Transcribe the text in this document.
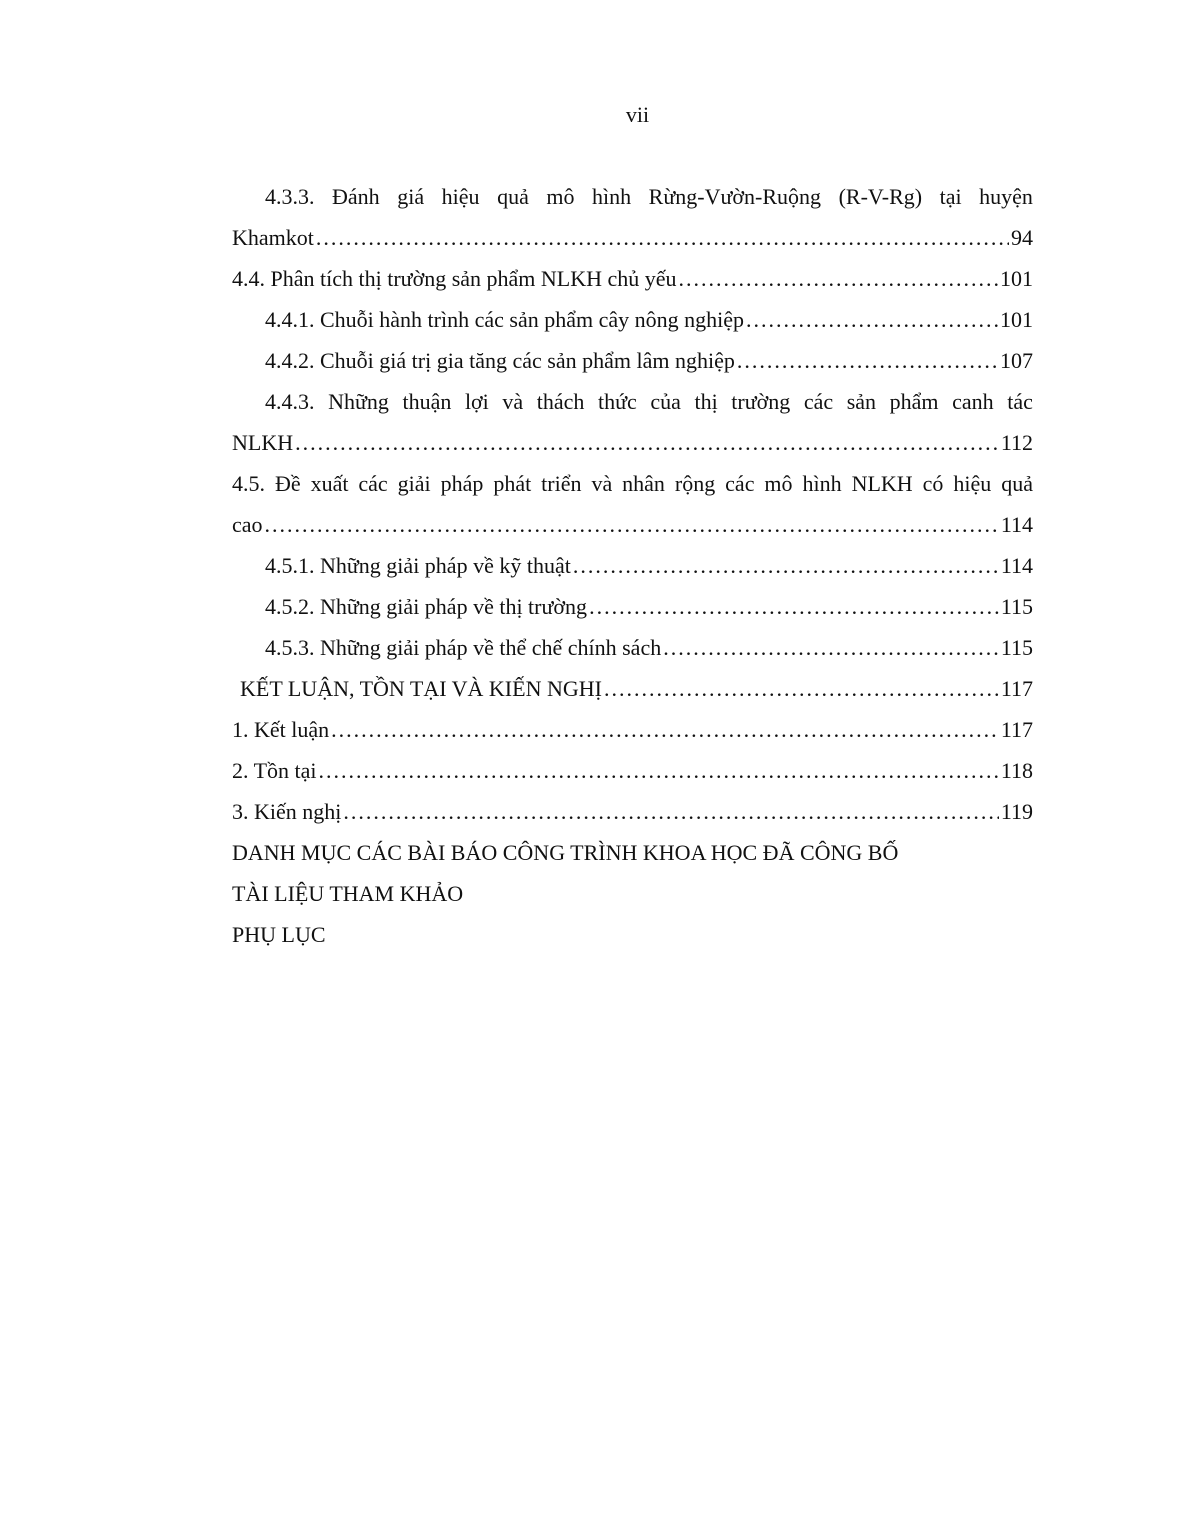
vii
4.3.3. Đánh giá hiệu quả mô hình Rừng-Vườn-Ruộng (R-V-Rg) tại huyện
Khamkot .....	94
4.4. Phân tích thị trường sản phẩm NLKH chủ yếu .....	101
4.4.1. Chuỗi hành trình các sản phẩm cây nông nghiệp .....	101
4.4.2. Chuỗi giá trị gia tăng các sản phẩm lâm nghiệp .....	107
4.4.3. Những thuận lợi và thách thức của thị trường các sản phẩm canh tác
NLKH .....	112
4.5. Đề xuất các giải pháp phát triển và nhân rộng các mô hình NLKH có hiệu quả
cao .....	114
4.5.1. Những giải pháp về kỹ thuật .....	114
4.5.2. Những giải pháp về thị trường .....	115
4.5.3. Những giải pháp về thể chế chính sách .....	115
KẾT LUẬN, TỒN TẠI VÀ KIẾN NGHỊ .....	117
1. Kết luận .....	117
2. Tồn tại .....	118
3. Kiến nghị .....	119
DANH MỤC CÁC BÀI BÁO CÔNG TRÌNH KHOA HỌC ĐÃ CÔNG BỐ
TÀI LIỆU THAM KHẢO
PHỤ LỤC
